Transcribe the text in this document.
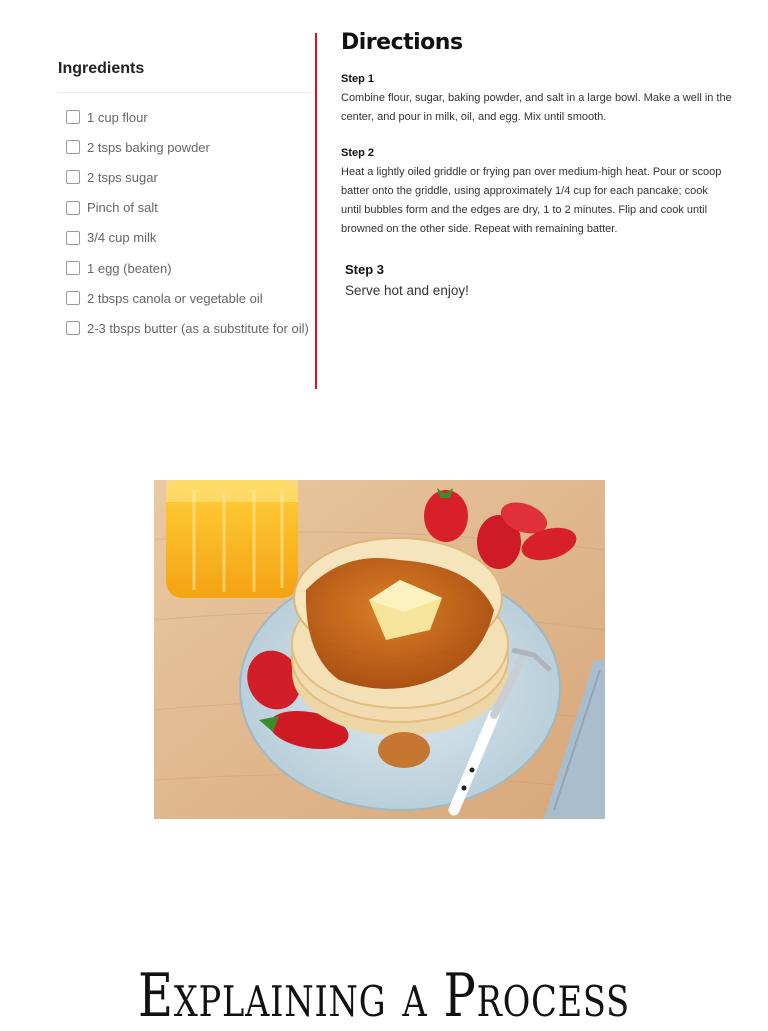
Ingredients
1 cup flour
2 tsps baking powder
2 tsps sugar
Pinch of salt
3/4 cup milk
1 egg (beaten)
2 tbsps canola or vegetable oil
2-3 tbsps butter (as a substitute for oil)
Directions
Step 1
Combine flour, sugar, baking powder, and salt in a large bowl. Make a well in the
center, and pour in milk, oil, and egg. Mix until smooth.
Step 2
Heat a lightly oiled griddle or frying pan over medium-high heat. Pour or scoop
batter onto the griddle, using approximately 1/4 cup for each pancake; cook
until bubbles form and the edges are dry, 1 to 2 minutes. Flip and cook until
browned on the other side. Repeat with remaining batter.
Step 3
Serve hot and enjoy!
Explaining a Process
